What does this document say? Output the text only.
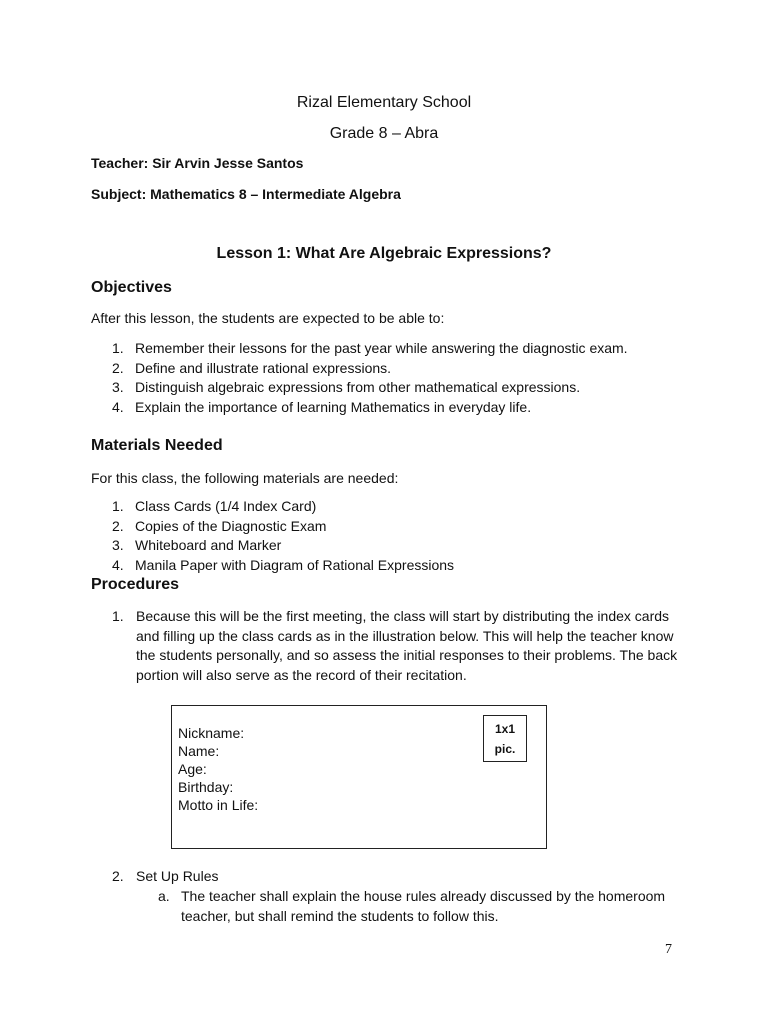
Rizal Elementary School
Grade 8 – Abra
Teacher: Sir Arvin Jesse Santos
Subject: Mathematics 8 – Intermediate Algebra
Lesson 1: What Are Algebraic Expressions?
Objectives
After this lesson, the students are expected to be able to:
1. Remember their lessons for the past year while answering the diagnostic exam.
2. Define and illustrate rational expressions.
3. Distinguish algebraic expressions from other mathematical expressions.
4. Explain the importance of learning Mathematics in everyday life.
Materials Needed
For this class, the following materials are needed:
1. Class Cards (1/4 Index Card)
2. Copies of the Diagnostic Exam
3. Whiteboard and Marker
4. Manila Paper with Diagram of Rational Expressions
Procedures
1. Because this will be the first meeting, the class will start by distributing the index cards and filling up the class cards as in the illustration below. This will help the teacher know the students personally, and so assess the initial responses to their problems. The back portion will also serve as the record of their recitation.
Nickname:
Name:
Age:
Birthday:
Motto in Life:
1x1
pic.
2. Set Up Rules
a. The teacher shall explain the house rules already discussed by the homeroom teacher, but shall remind the students to follow this.
7
